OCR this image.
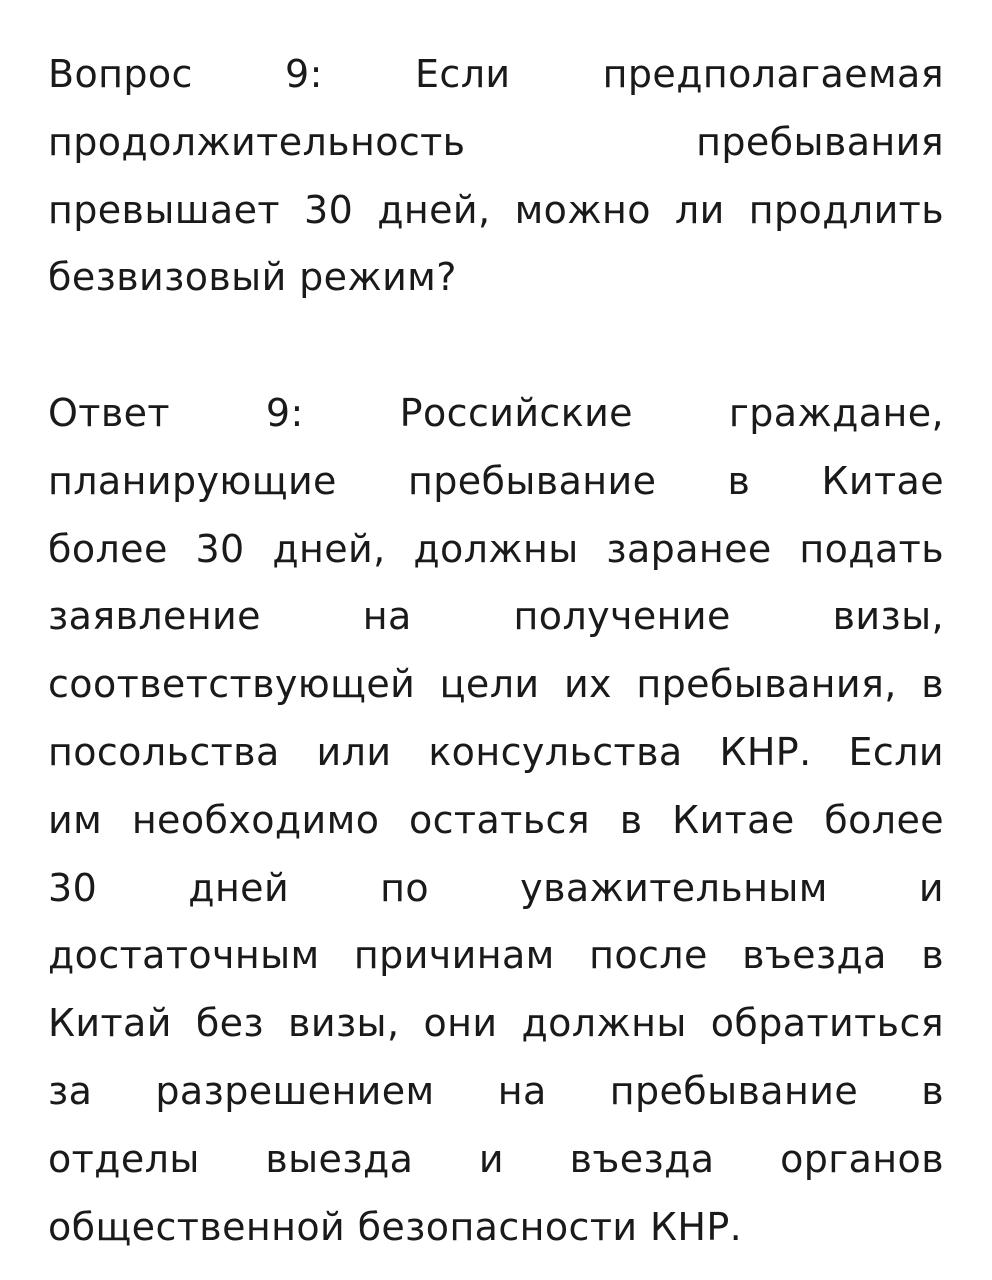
Вопрос 9: Если предполагаемая
продолжительность пребывания
превышает 30 дней, можно ли продлить
безвизовый режим?
Ответ 9: Российские граждане,
планирующие пребывание в Китае
более 30 дней, должны заранее подать
заявление на получение визы,
соответствующей цели их пребывания, в
посольства или консульства КНР. Если
им необходимо остаться в Китае более
30 дней по уважительным и
достаточным причинам после въезда в
Китай без визы, они должны обратиться
за разрешением на пребывание в
отделы выезда и въезда органов
общественной безопасности КНР.
